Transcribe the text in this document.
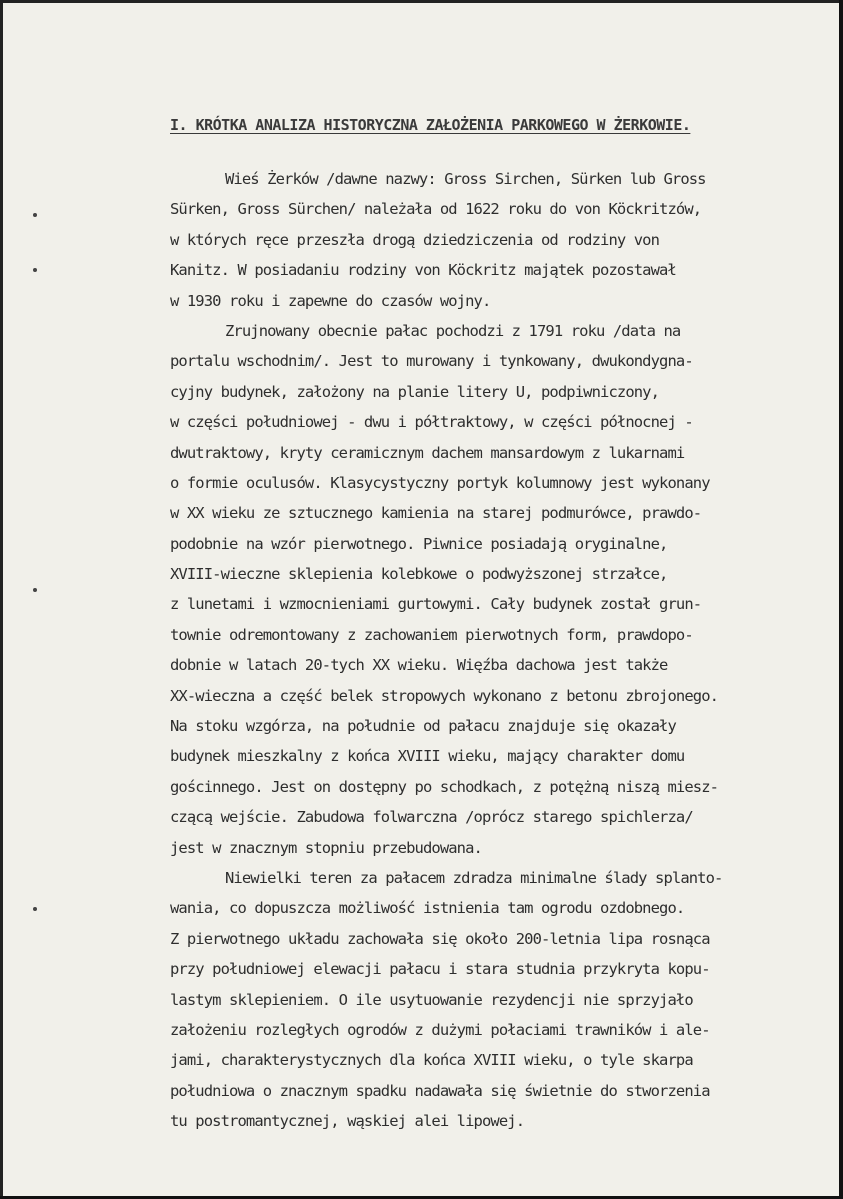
I. KRÓTKA ANALIZA HISTORYCZNA ZAŁOŻENIA PARKOWEGO W ŻERKOWIE.
Wieś Żerków /dawne nazwy: Gross Sirchen, Sürken lub Gross
Sürken, Gross Sürchen/ należała od 1622 roku do von Köckritzów,
w których ręce przeszła drogą dziedziczenia od rodziny von
Kanitz. W posiadaniu rodziny von Köckritz majątek pozostawał
w 1930 roku i zapewne do czasów wojny.
Zrujnowany obecnie pałac pochodzi z 1791 roku /data na
portalu wschodnim/. Jest to murowany i tynkowany, dwukondygna-
cyjny budynek, założony na planie litery U, podpiwniczony,
w części południowej - dwu i półtraktowy, w części północnej -
dwutraktowy, kryty ceramicznym dachem mansardowym z lukarnami
o formie oculusów. Klasycystyczny portyk kolumnowy jest wykonany
w XX wieku ze sztucznego kamienia na starej podmurówce, prawdo-
podobnie na wzór pierwotnego. Piwnice posiadają oryginalne,
XVIII-wieczne sklepienia kolebkowe o podwyższonej strzałce,
z lunetami i wzmocnieniami gurtowymi. Cały budynek został grun-
townie odremontowany z zachowaniem pierwotnych form, prawdopo-
dobnie w latach 20-tych XX wieku. Więźba dachowa jest także
XX-wieczna a część belek stropowych wykonano z betonu zbrojonego.
Na stoku wzgórza, na południe od pałacu znajduje się okazały
budynek mieszkalny z końca XVIII wieku, mający charakter domu
gościnnego. Jest on dostępny po schodkach, z potężną niszą miesz-
czącą wejście. Zabudowa folwarczna /oprócz starego spichlerza/
jest w znacznym stopniu przebudowana.
Niewielki teren za pałacem zdradza minimalne ślady splanto-
wania, co dopuszcza możliwość istnienia tam ogrodu ozdobnego.
Z pierwotnego układu zachowała się około 200-letnia lipa rosnąca
przy południowej elewacji pałacu i stara studnia przykryta kopu-
lastym sklepieniem. O ile usytuowanie rezydencji nie sprzyjało
założeniu rozległych ogrodów z dużymi połaciami trawników i ale-
jami, charakterystycznych dla końca XVIII wieku, o tyle skarpa
południowa o znacznym spadku nadawała się świetnie do stworzenia
tu postromantycznej, wąskiej alei lipowej.
